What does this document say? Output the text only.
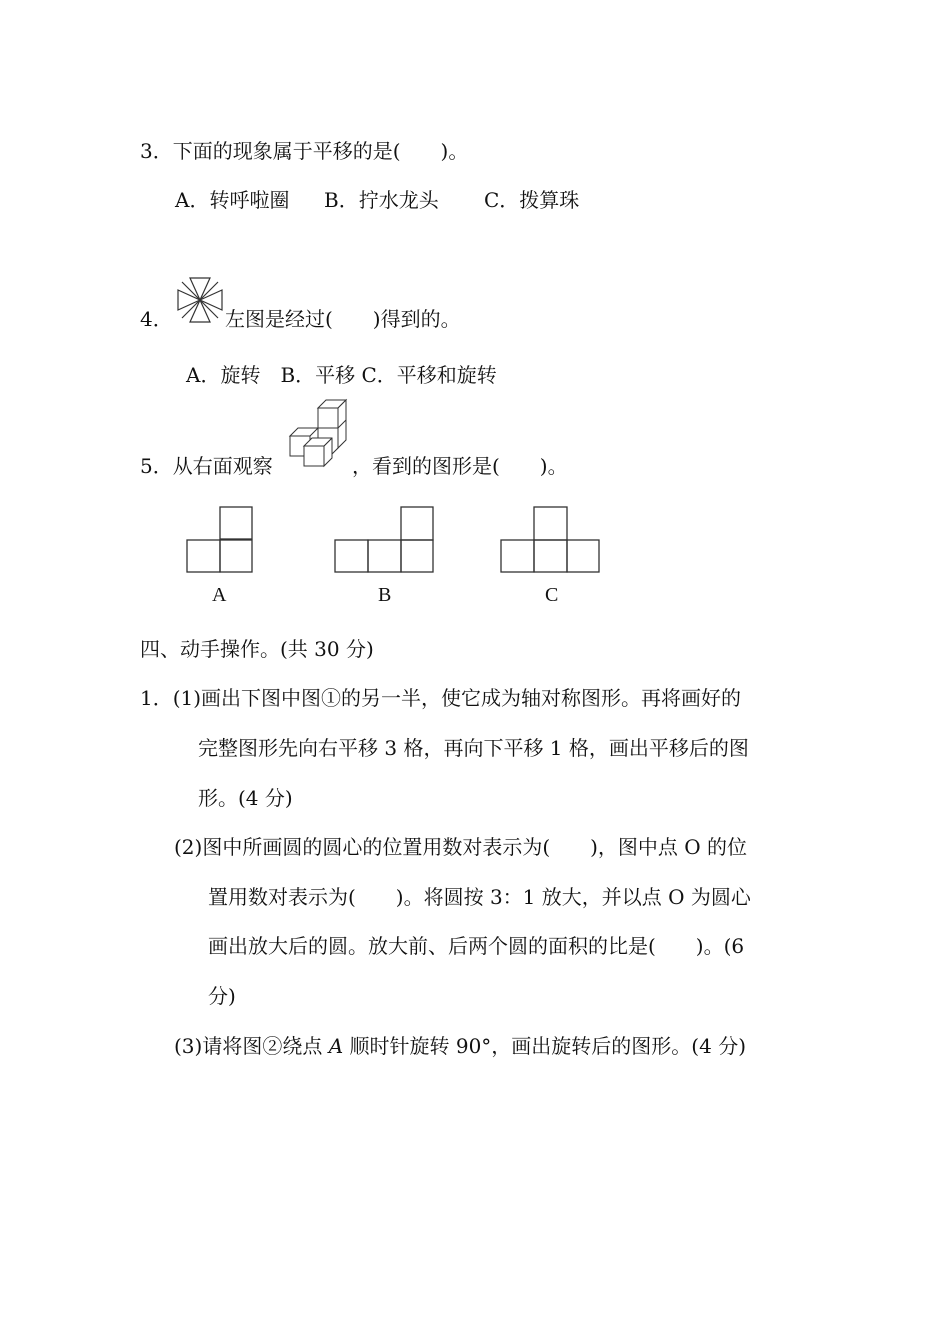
3．下面的现象属于平移的是(　　)。
A．转呼啦圈 B．拧水龙头 C．拨算珠
4．	左图是经过(　　)得到的。
A．旋转　B．平移 C．平移和旋转
5．从右面观察	，看到的图形是(　　)。
A	B	C
四、动手操作。(共 30 分)
1．(1)画出下图中图①的另一半，使它成为轴对称图形。再将画好的
完整图形先向右平移 3 格，再向下平移 1 格，画出平移后的图
形。(4 分)
(2)图中所画圆的圆心的位置用数对表示为(　　)，图中点 O 的位
置用数对表示为(　　)。将圆按 3：1 放大，并以点 O 为圆心
画出放大后的圆。放大前、后两个圆的面积的比是(　　)。(6
分)
(3)请将图②绕点 A 顺时针旋转 90°，画出旋转后的图形。(4 分)
